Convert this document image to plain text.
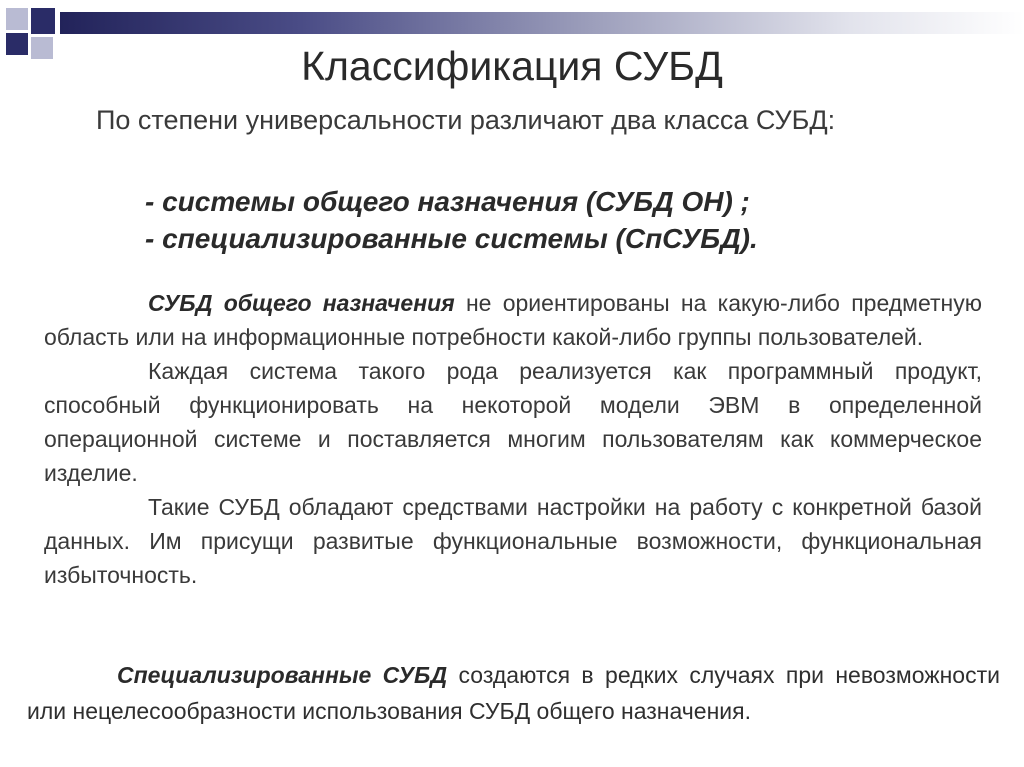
Классификация СУБД

По степени универсальности различают два класса СУБД:

- системы общего назначения (СУБД ОН) ;
- специализированные системы (СпСУБД).

СУБД общего назначения не ориентированы на какую-либо предметную область или на информационные потребности какой-либо группы пользователей.

Каждая система такого рода реализуется как программный продукт, способный функционировать на некоторой модели ЭВМ в определенной операционной системе и поставляется многим пользователям как коммерческое изделие.

Такие СУБД обладают средствами настройки на работу с конкретной базой данных. Им присущи развитые функциональные возможности, функциональная избыточность.

Специализированные СУБД создаются в редких случаях при невозможности или нецелесообразности использования СУБД общего назначения.
